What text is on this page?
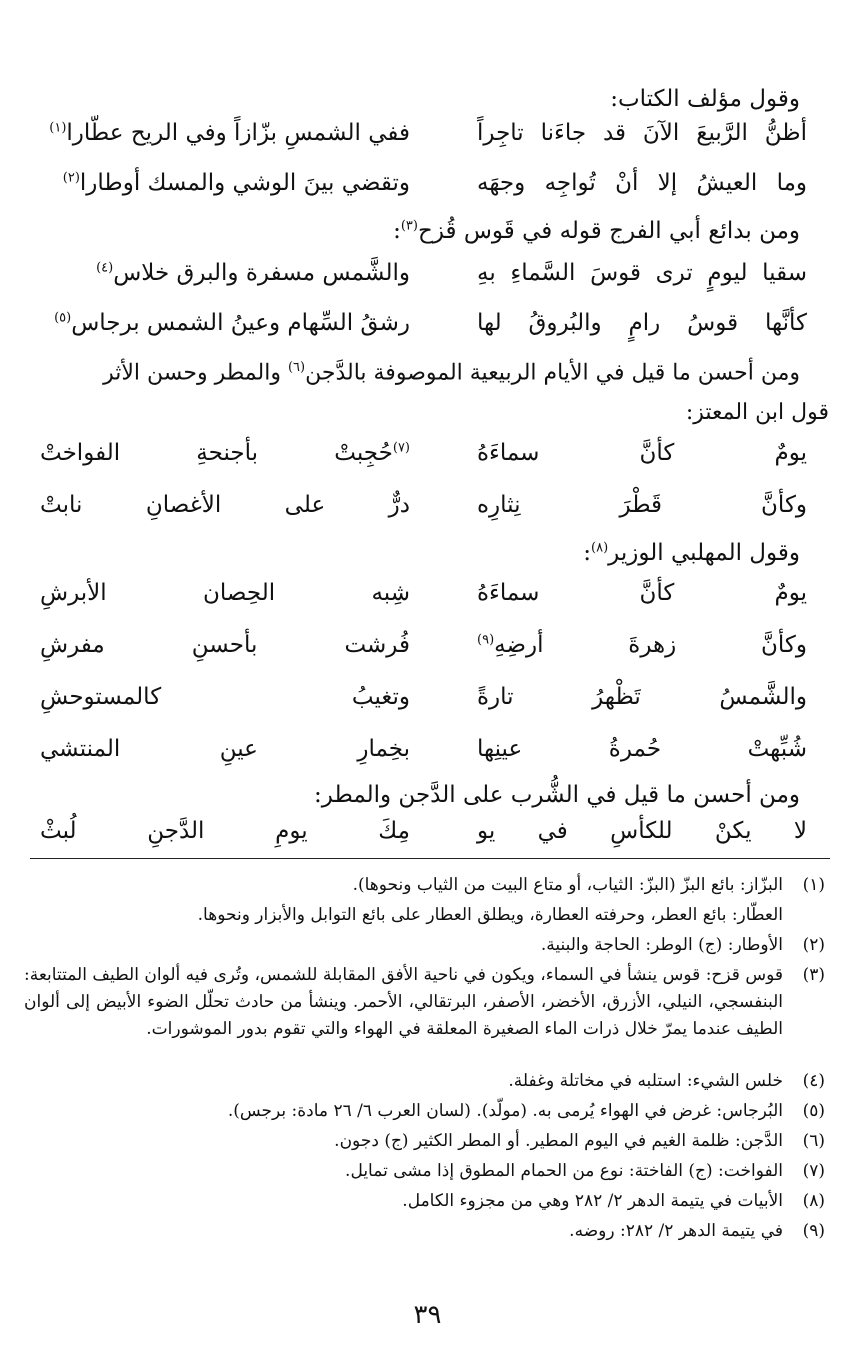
وقول مؤلف الكتاب:
أظنُّ الرَّبيعَ الآنَ قد جاءَنا تاجِراً
ففي الشمسِ بزّازاً وفي الريح عطّارا$^{(١)}$
وما العيشُ إلا أنْ تُواجِه وجهَه
وتقضي بينَ الوشي والمسك أوطارا$^{(٢)}$
ومن بدائع أبي الفرج قوله في قَوس قُزح$^{(٣)}$:
سقيا ليومٍ ترى قوسَ السَّماءِ بهِ
والشَّمس مسفرة والبرق خلاس$^{(٤)}$
كأنَّها قوسُ رامٍ والبُروقُ لها
رشقُ السِّهام وعينُ الشمس برجاس$^{(٥)}$
ومن أحسن ما قيل في الأيام الربيعية الموصوفة بالدَّجن$^{(٦)}$ والمطر وحسن الأثر
قول ابن المعتز:
يومٌ كأنَّ سماءَهُ
$^{(٧)}$حُجِبتْ بأجنحةِ الفواختْ
وكأنَّ قَطْرَ نِثارِه
درٌّ على الأغصانِ نابتْ
وقول المهلبي الوزير$^{(٨)}$:
يومٌ كأنَّ سماءَهُ
شِبه الحِصان الأبرشِ
وكأنَّ زهرةَ أرضِهِ$^{(٩)}$
فُرشت بأحسنِ مفرشِ
والشَّمسُ تَظْهرُ تارةً
وتغيبُ كالمستوحشِ
شُبِّهتْ حُمرةُ عينِها
بخِمارِ عينِ المنتشي
ومن أحسن ما قيل في الشُّرب على الدَّجن والمطر:
لا يكنْ للكأسِ في يو
مِكَ يومِ الدَّجنِ لُبثْ
(١)
البزّاز: بائع البزّ (البزّ: الثياب، أو متاع البيت من الثياب ونحوها).
العطّار: بائع العطر، وحرفته العطارة، ويطلق العطار على بائع التوابل والأبزار ونحوها.
(٢)
الأوطار: (ج) الوطر: الحاجة والبنية.
(٣)
قوس قزح: قوس ينشأ في السماء، ويكون في ناحية الأفق المقابلة للشمس، وتُرى فيه ألوان الطيف المتتابعة: البنفسجي، النيلي، الأزرق، الأخضر، الأصفر، البرتقالي، الأحمر. وينشأ من حادث تحلّل الضوء الأبيض إلى ألوان الطيف عندما يمرّ خلال ذرات الماء الصغيرة المعلقة في الهواء والتي تقوم بدور الموشورات.
(٤)
خلس الشيء: استلبه في مخاتلة وغفلة.
(٥)
البُرجاس: غرض في الهواء يُرمى به. (مولّد). (لسان العرب ٦/ ٢٦ مادة: برجس).
(٦)
الدَّجن: ظلمة الغيم في اليوم المطير. أو المطر الكثير (ج) دجون.
(٧)
الفواخت: (ج) الفاختة: نوع من الحمام المطوق إذا مشى تمايل.
(٨)
الأبيات في يتيمة الدهر ٢/ ٢٨٢ وهي من مجزوء الكامل.
(٩)
في يتيمة الدهر ٢/ ٢٨٢: روضه.
٣٩
